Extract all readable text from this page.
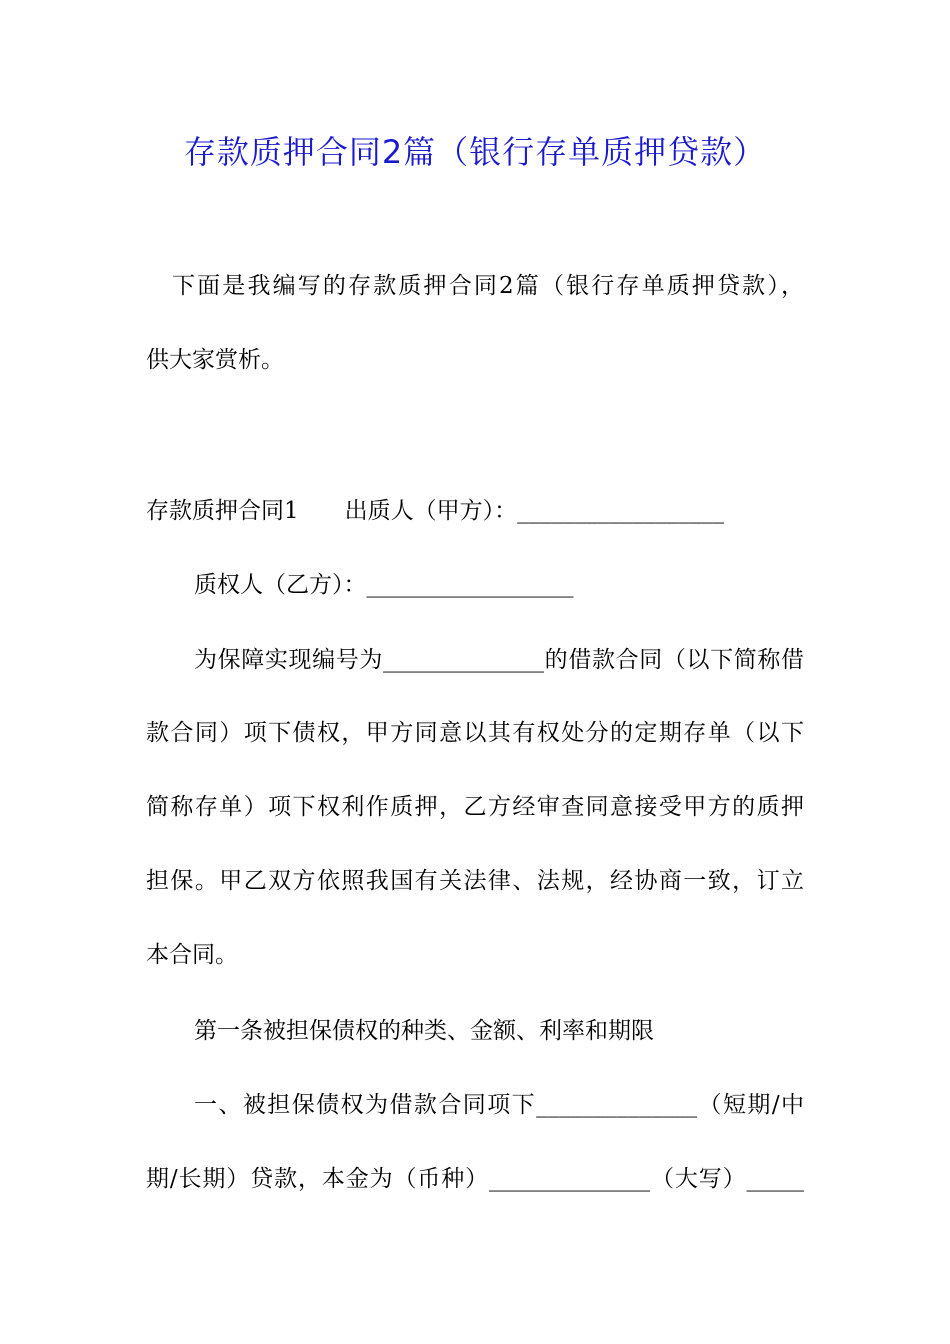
存款质押合同2篇（银行存单质押贷款）

下面是我编写的存款质押合同2篇（银行存单质押贷款），

供大家赏析。

存款质押合同1　　出质人（甲方）：__________________

质权人（乙方）：__________________

为保障实现编号为______________的借款合同（以下简称借

款合同）项下债权，甲方同意以其有权处分的定期存单（以下

简称存单）项下权利作质押，乙方经审查同意接受甲方的质押

担保。甲乙双方依照我国有关法律、法规，经协商一致，订立

本合同。

第一条被担保债权的种类、金额、利率和期限

一、被担保债权为借款合同项下______________（短期/中

期/长期）贷款，本金为（币种）______________（大写）_____
